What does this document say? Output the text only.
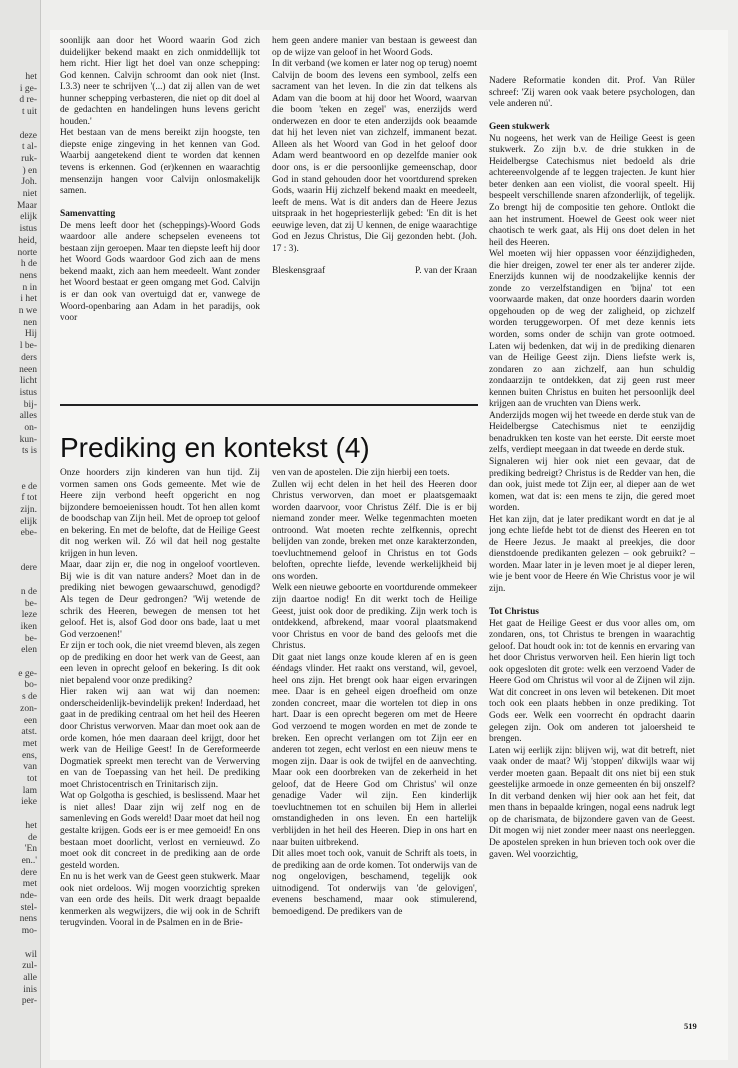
het
i ge-
d re-
t uit
deze
t al-
ruk-
) en
Joh.
niet
Maar
elijk
istus
heid,
norte
h de
nens
n in
i het
n we
nen
Hij
l be-
ders
neen
licht
istus
bij-
alles
on-
kun-
ts is
e de
f tot
zijn.
elijk
ebe-
dere
n de
be-
leze
iken
be-
elen
e ge-
bo-
s de
zon-
een
atst.
met
ens,
van
tot
lam
ieke
het
de
'En
en..'
dere
met
nde-
stel-
nens
mo-
wil
zul-
alle
inis
per-

soonlijk aan door het Woord waarin God zich duidelijker bekend maakt en zich onmiddellijk tot hem richt. Hier ligt het doel van onze schepping: God kennen. Calvijn schroomt dan ook niet (Inst. I.3.3) neer te schrijven '(...) dat zij allen van de wet hunner schepping verbasteren, die niet op dit doel al de gedachten en handelingen huns levens gericht houden.'

Het bestaan van de mens bereikt zijn hoogste, ten diepste enige zingeving in het kennen van God. Waarbij aangetekend dient te worden dat kennen tevens is erkennen. God (er)kennen en waarachtig mensenzijn hangen voor Calvijn onlosmakelijk samen.

Samenvatting

De mens leeft door het (scheppings)-Woord Gods waardoor alle andere schepselen eveneens tot bestaan zijn geroepen. Maar ten diepste leeft hij door het Woord Gods waardoor God zich aan de mens bekend maakt, zich aan hem meedeelt. Want zonder het Woord bestaat er geen omgang met God. Calvijn is er dan ook van overtuigd dat er, vanwege de Woord-openbaring aan Adam in het paradijs, ook voor

hem geen andere manier van bestaan is geweest dan op de wijze van geloof in het Woord Gods.

In dit verband (we komen er later nog op terug) noemt Calvijn de boom des levens een symbool, zelfs een sacrament van het leven. In die zin dat telkens als Adam van die boom at hij door het Woord, waarvan die boom 'teken en zegel' was, enerzijds werd onderwezen en door te eten anderzijds ook beaamde dat hij het leven niet van zichzelf, immanent bezat. Alleen als het Woord van God in het geloof door Adam werd beantwoord en op dezelfde manier ook door ons, is er die persoonlijke gemeenschap, door God in stand gehouden door het voortdurend spreken Gods, waarin Hij zichzelf bekend maakt en meedeelt, leeft de mens. Wat is dit anders dan de Heere Jezus uitspraak in het hogepriesterlijk gebed: 'En dit is het eeuwige leven, dat zij U kennen, de enige waarachtige God en Jezus Christus, Die Gij gezonden hebt. (Joh. 17 : 3).

Bleskensgraaf	P. van der Kraan
Prediking en kontekst (4)

Onze hoorders zijn kinderen van hun tijd. Zij vormen samen ons Gods gemeente. Met wie de Heere zijn verbond heeft opgericht en nog bijzondere bemoeienissen houdt. Tot hen allen komt de boodschap van Zijn heil. Met de oproep tot geloof en bekering. En met de belofte, dat de Heilige Geest dit nog werken wil. Zó wil dat heil nog gestalte krijgen in hun leven.

Maar, daar zijn er, die nog in ongeloof voortleven. Bij wie is dit van nature anders? Moet dan in de prediking niet bewogen gewaarschuwd, genodigd? Als tegen de Deur gedrongen? 'Wij wetende de schrik des Heeren, bewegen de mensen tot het geloof. Het is, alsof God door ons bade, laat u met God verzoenen!'

Er zijn er toch ook, die niet vreemd bleven, als zegen op de prediking en door het werk van de Geest, aan een leven in oprecht geloof en bekering. Is dit ook niet bepalend voor onze prediking?

Hier raken wij aan wat wij dan noemen: onderscheidenlijk-bevindelijk preken! Inderdaad, het gaat in de prediking centraal om het heil des Heeren door Christus verworven. Maar dan moet ook aan de orde komen, hóe men daaraan deel krijgt, door het werk van de Heilige Geest! In de Gereformeerde Dogmatiek spreekt men terecht van de Verwerving en van de Toepassing van het heil. De prediking moet Christocentrisch en Trinitarisch zijn.

Wat op Golgotha is geschied, is beslissend. Maar het is niet alles! Daar zijn wij zelf nog en de samenleving en Gods wereld! Daar moet dat heil nog gestalte krijgen. Gods eer is er mee gemoeid! En ons bestaan moet doorlicht, verlost en vernieuwd. Zo moet ook dit concreet in de prediking aan de orde gesteld worden.

En nu is het werk van de Geest geen stukwerk. Maar ook niet ordeloos. Wij mogen voorzichtig spreken van een orde des heils. Dit werk draagt bepaalde kenmerken als wegwijzers, die wij ook in de Schrift terugvinden. Vooral in de Psalmen en in de Brie-

ven van de apostelen. Die zijn hierbij een toets.

Zullen wij echt delen in het heil des Heeren door Christus verworven, dan moet er plaatsgemaakt worden daarvoor, voor Christus Zélf. Die is er bij niemand zonder meer. Welke tegenmachten moeten ontroond. Wat moeten rechte zelfkennis, oprecht belijden van zonde, breken met onze karakterzonden, toevluchtnemend geloof in Christus en tot Gods beloften, oprechte liefde, levende werkelijkheid bij ons worden.

Welk een nieuwe geboorte en voortdurende ommekeer zijn daartoe nodig! En dit werkt toch de Heilige Geest, juist ook door de prediking. Zijn werk toch is ontdekkend, afbrekend, maar vooral plaatsmakend voor Christus en voor de band des geloofs met die Christus.

Dit gaat niet langs onze koude kleren af en is geen ééndags vlinder. Het raakt ons verstand, wil, gevoel, heel ons zijn. Het brengt ook haar eigen ervaringen mee. Daar is en geheel eigen droefheid om onze zonden concreet, maar die wortelen tot diep in ons hart. Daar is een oprecht begeren om met de Heere God verzoend te mogen worden en met de zonde te breken. Een oprecht verlangen om tot Zijn eer en anderen tot zegen, echt verlost en een nieuw mens te mogen zijn. Daar is ook de twijfel en de aanvechting. Maar ook een doorbreken van de zekerheid in het geloof, dat de Heere God om Christus' wil onze genadige Vader wil zijn. Een kinderlijk toevluchtnemen tot en schuilen bij Hem in allerlei omstandigheden in ons leven. En een hartelijk verblijden in het heil des Heeren. Diep in ons hart en naar buiten uitbrekend.

Dit alles moet toch ook, vanuit de Schrift als toets, in de prediking aan de orde komen. Tot onderwijs van de nog ongelovigen, beschamend, tegelijk ook uitnodigend. Tot onderwijs van 'de gelovigen', evenens beschamend, maar ook stimulerend, bemoedigend. De predikers van de

Nadere Reformatie konden dit. Prof. Van Rüler schreef: 'Zij waren ook vaak betere psychologen, dan vele anderen nú'.

Geen stukwerk

Nu nogeens, het werk van de Heilige Geest is geen stukwerk. Zo zijn b.v. de drie stukken in de Heidelbergse Catechismus niet bedoeld als drie achtereenvolgende af te leggen trajecten. Je kunt hier beter denken aan een violist, die vooral speelt. Hij bespeelt verschillende snaren afzonderlijk, of tegelijk. Zo brengt hij de compositie ten gehore. Ontlokt die aan het instrument. Hoewel de Geest ook weer niet chaotisch te werk gaat, als Hij ons doet delen in het heil des Heeren.

Wel moeten wij hier oppassen voor éénzijdigheden, die hier dreigen, zowel ter ener als ter anderer zijde. Enerzijds kunnen wij de noodzakelijke kennis der zonde zo verzelfstandigen en 'bijna' tot een voorwaarde maken, dat onze hoorders daarin worden opgehouden op de weg der zaligheid, op zichzelf worden teruggeworpen. Of met deze kennis iets worden, soms onder de schijn van grote ootmoed. Laten wij bedenken, dat wij in de prediking dienaren van de Heilige Geest zijn. Diens liefste werk is, zondaren zo aan zichzelf, aan hun schuldig zondaarzijn te ontdekken, dat zij geen rust meer kennen buiten Christus en buiten het persoonlijk deel krijgen aan de vruchten van Diens werk.

Anderzijds mogen wij het tweede en derde stuk van de Heidelbergse Catechismus niet te eenzijdig benadrukken ten koste van het eerste. Dit eerste moet zelfs, verdiept meegaan in dat tweede en derde stuk.

Signaleren wij hier ook niet een gevaar, dat de prediking bedreigt? Christus is de Redder van hen, die dan ook, juist mede tot Zijn eer, al dieper aan de wet komen, wat dat is: een mens te zijn, die gered moet worden.

Het kan zijn, dat je later predikant wordt en dat je al jong echte liefde hebt tot de dienst des Heeren en tot de Heere Jezus. Je maakt al preekjes, die door dienstdoende predikanten gelezen – ook gebruikt? – worden. Maar later in je leven moet je al dieper leren, wie je bent voor de Heere én Wie Christus voor je wil zijn.

Tot Christus

Het gaat de Heilige Geest er dus voor alles om, om zondaren, ons, tot Christus te brengen in waarachtig geloof. Dat houdt ook in: tot de kennis en ervaring van het door Christus verworven heil. Een hierin ligt toch ook opgesloten dit grote: welk een verzoend Vader de Heere God om Christus wil voor al de Zijnen wil zijn. Wat dit concreet in ons leven wil betekenen. Dit moet toch ook een plaats hebben in onze prediking. Tot Gods eer. Welk een voorrecht én opdracht daarin gelegen zijn. Ook om anderen tot jaloersheid te brengen.

Laten wij eerlijk zijn: blijven wij, wat dit betreft, niet vaak onder de maat? Wij 'stoppen' dikwijls waar wij verder moeten gaan. Bepaalt dit ons niet bij een stuk geestelijke armoede in onze gemeenten én bij onszelf? In dit verband denken wij hier ook aan het feit, dat men thans in bepaalde kringen, nogal eens nadruk legt op de charismata, de bijzondere gaven van de Geest. Dit mogen wij niet zonder meer naast ons neerleggen. De apostelen spreken in hun brieven toch ook over die gaven. Wel voorzichtig,

519
